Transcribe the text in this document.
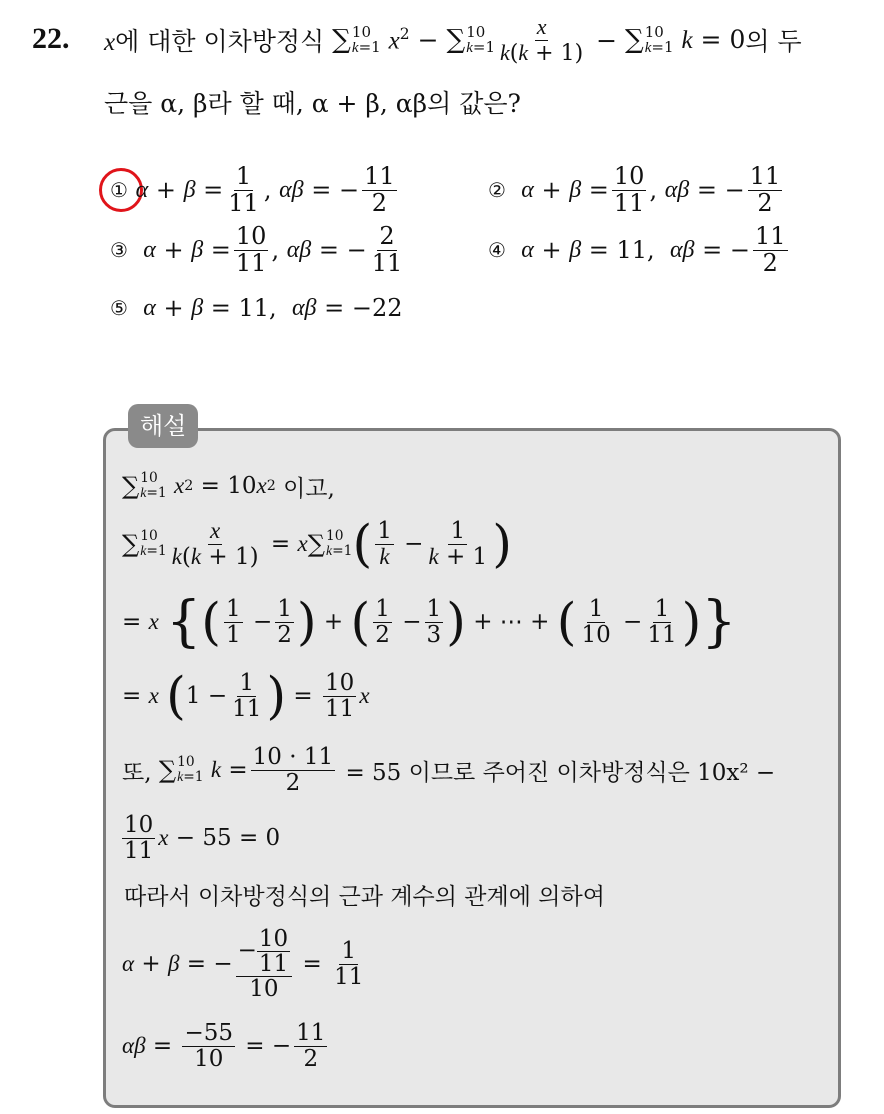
22. x에 대한 이차방정식 ∑ 10
k=1 $x^2$ − ∑ 10
$k=1 \frac{x}{k(k + 1)}$ − ∑ 10
k=1 k = 0 의 두
근을 α, β라 할 때, α + β, αβ의 값은?
①
$\alpha + \beta = \frac{1}{11}$ , αβ = − $\frac{11}{2}$	②
$\alpha + \beta = \frac{10}{11}$ , αβ = − $\frac{11}{2}$
③
$\alpha + \beta = \frac{10}{11}$ , αβ = − $\frac{2}{11}$	④
α + β = 11, αβ = − $\frac{11}{2}$
⑤
α + β = 11, αβ = −22
해설
∑ 10
k=1
x 2 = 10 x 2
이고,
∑ 10
$k=1 \frac{x}{k(k + 1)} = x$ ∑ 10
k=1 ( $\frac{1}{k} - \frac{1}{k + 1}$ )
= x
{ ( $\frac{1}{1} - \frac{1}{2}$ ) + ( $\frac{1}{2} - \frac{1}{3}$ ) + ⋯ + ( $\frac{1}{10} - \frac{1}{11}$ ) }
= x
( $1 - \frac{1}{11}$ ) = $\frac{10}{11}$ x
또,
∑ 10
k=1
$k = \frac{10 \cdot 11}{2}$
= 55 이므로 주어진 이차방정식은 10x² −
$\frac{10}{11}$ x − 55 = 0
따라서 이차방정식의 근과 계수의 관계에 의하여
α + β = − $\frac{- \frac{10}{11}}{10} = \frac{1}{11}$
$\alpha\beta = \frac{-55}{10}$ = − $\frac{11}{2}$
